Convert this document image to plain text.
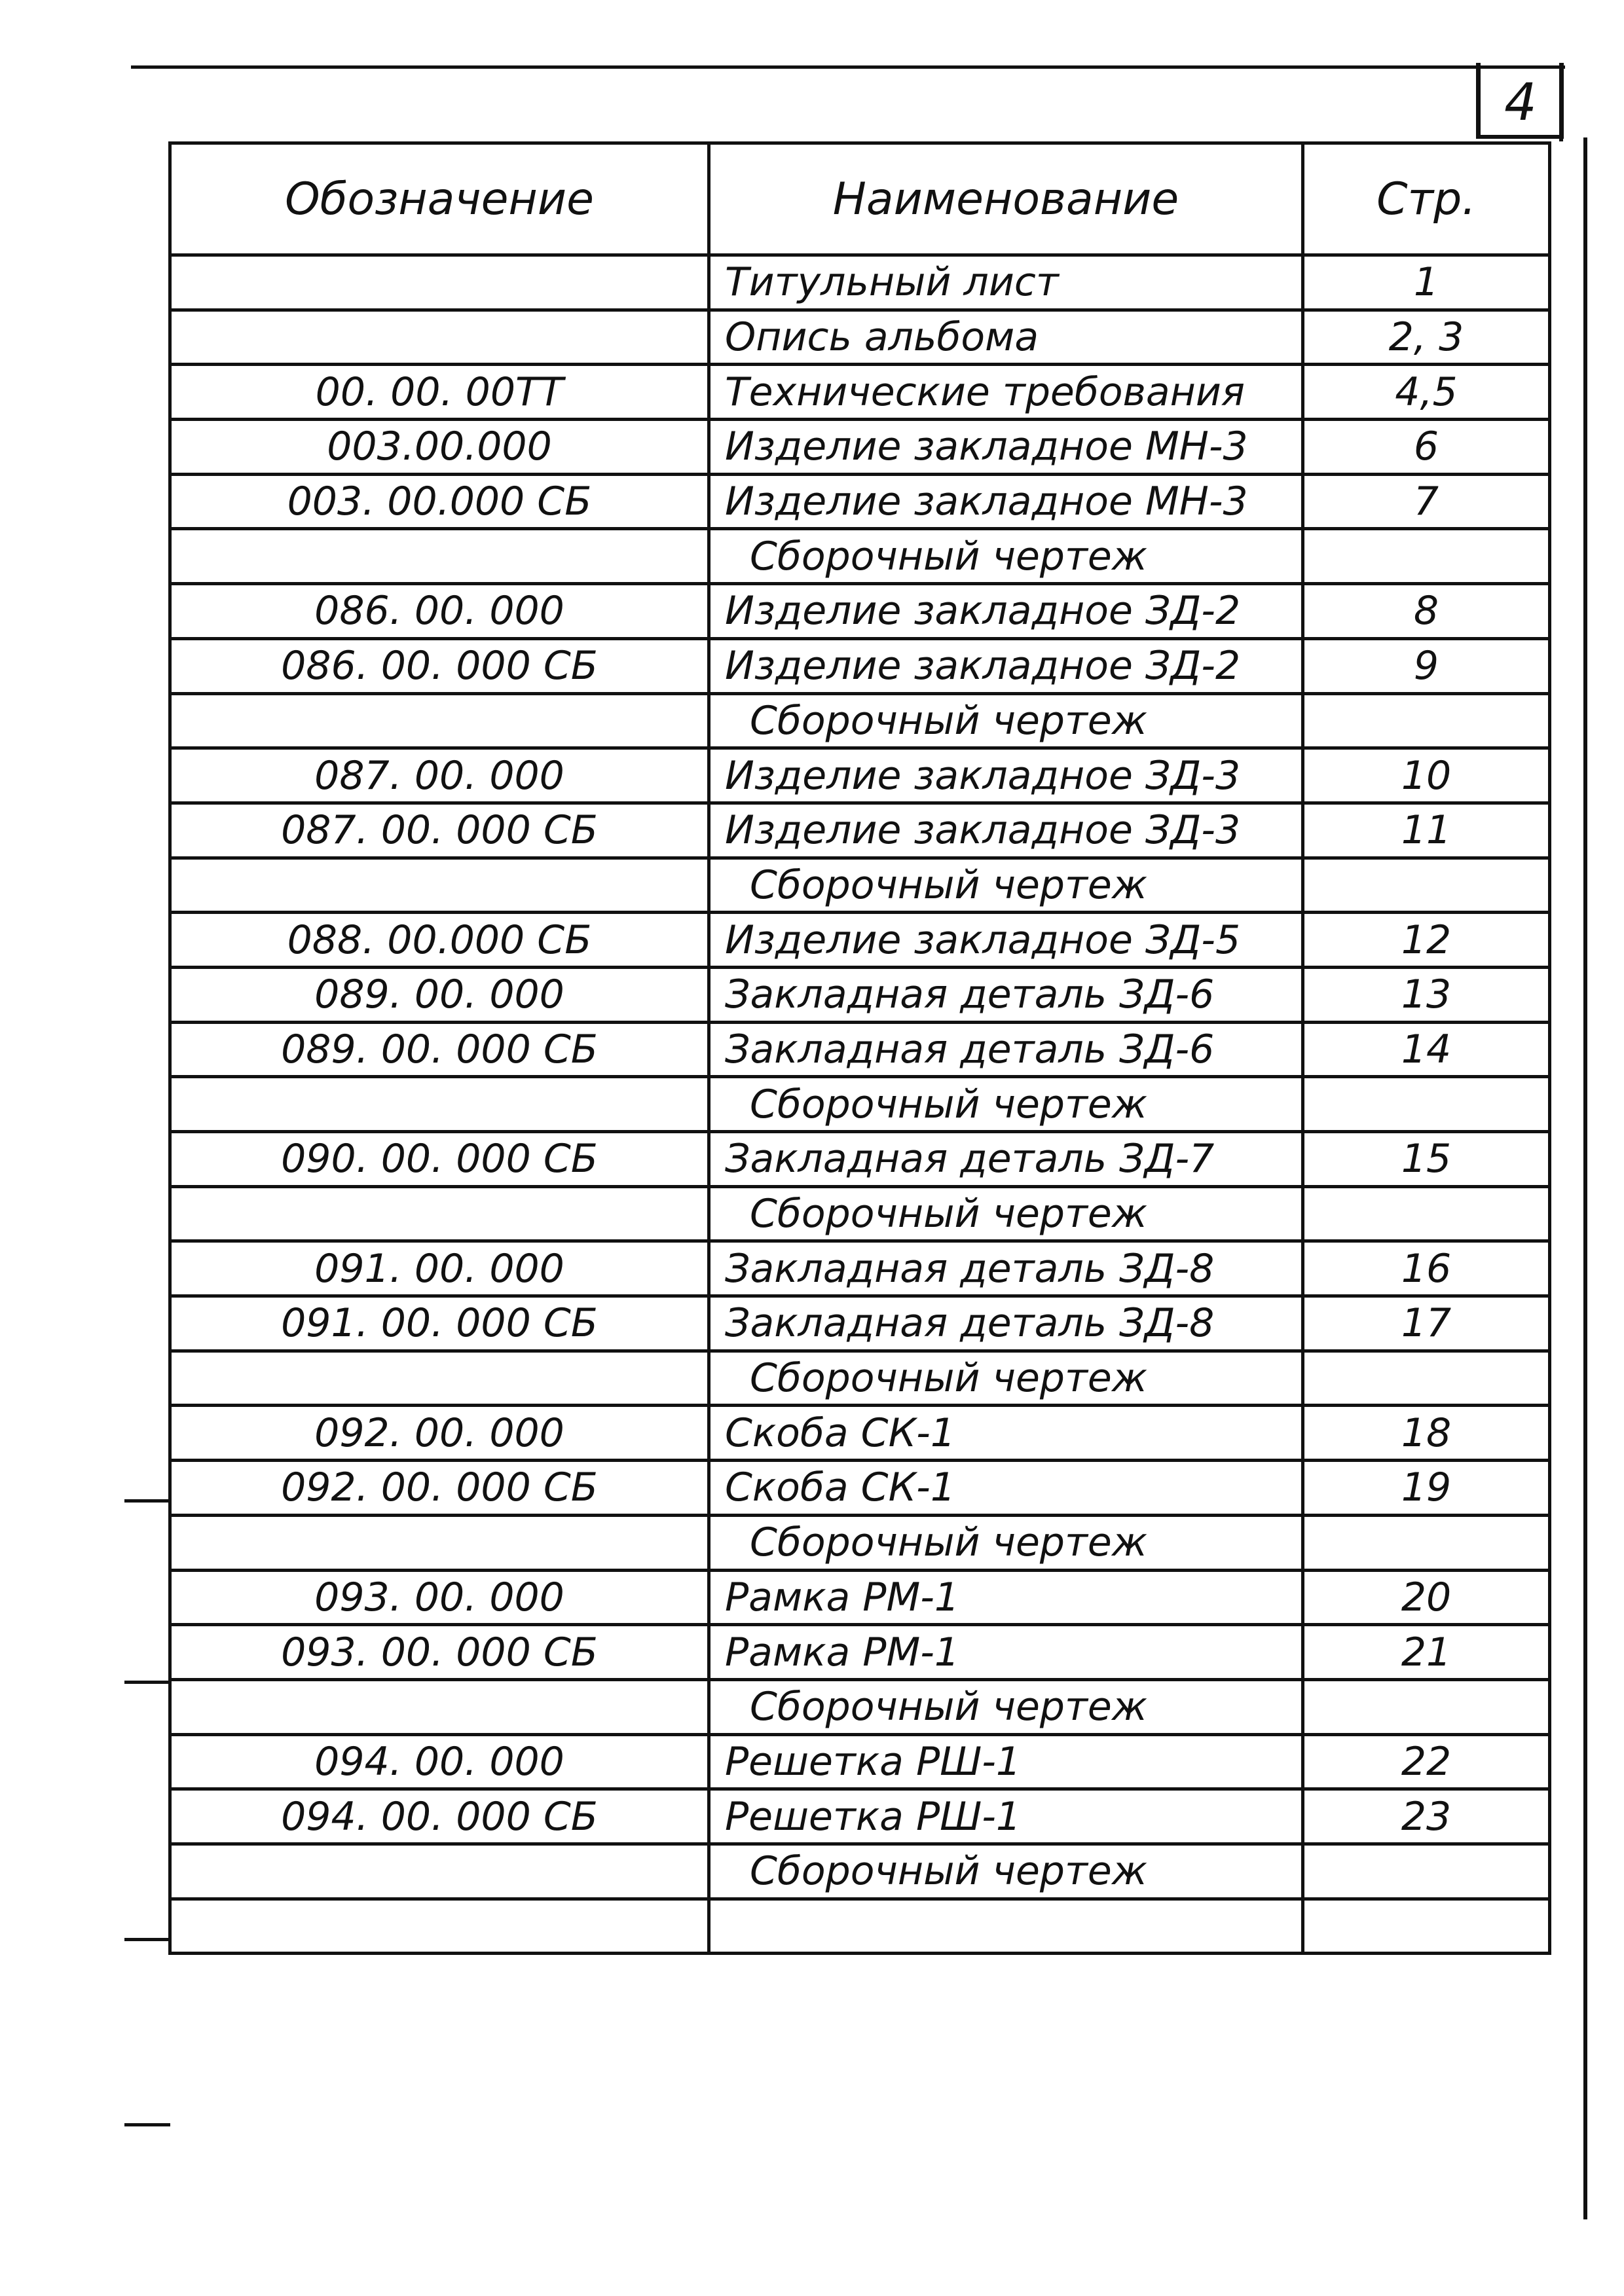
4
Обозначение	Наименование	Стр.
	Титульный лист	1
	Опись альбома	2, 3
00. 00. 00ТТ	Технические требования	4,5
003.00.000	Изделие закладное МН-3	6
003. 00.000 СБ	Изделие закладное МН-3	7
	Сборочный чертеж	
086. 00. 000	Изделие закладное ЗД-2	8
086. 00. 000 СБ	Изделие закладное ЗД-2	9
	Сборочный чертеж	
087. 00. 000	Изделие закладное ЗД-3	10
087. 00. 000 СБ	Изделие закладное ЗД-3	11
	Сборочный чертеж	
088. 00.000 СБ	Изделие закладное ЗД-5	12
089. 00. 000	Закладная деталь ЗД-6	13
089. 00. 000 СБ	Закладная деталь ЗД-6	14
	Сборочный чертеж	
090. 00. 000 СБ	Закладная деталь ЗД-7	15
	Сборочный чертеж	
091. 00. 000	Закладная деталь ЗД-8	16
091. 00. 000 СБ	Закладная деталь ЗД-8	17
	Сборочный чертеж	
092. 00. 000	Скоба СК-1	18
092. 00. 000 СБ	Скоба СК-1	19
	Сборочный чертеж	
093. 00. 000	Рамка РМ-1	20
093. 00. 000 СБ	Рамка РМ-1	21
	Сборочный чертеж	
094. 00. 000	Решетка РШ-1	22
094. 00. 000 СБ	Решетка РШ-1	23
	Сборочный чертеж	
